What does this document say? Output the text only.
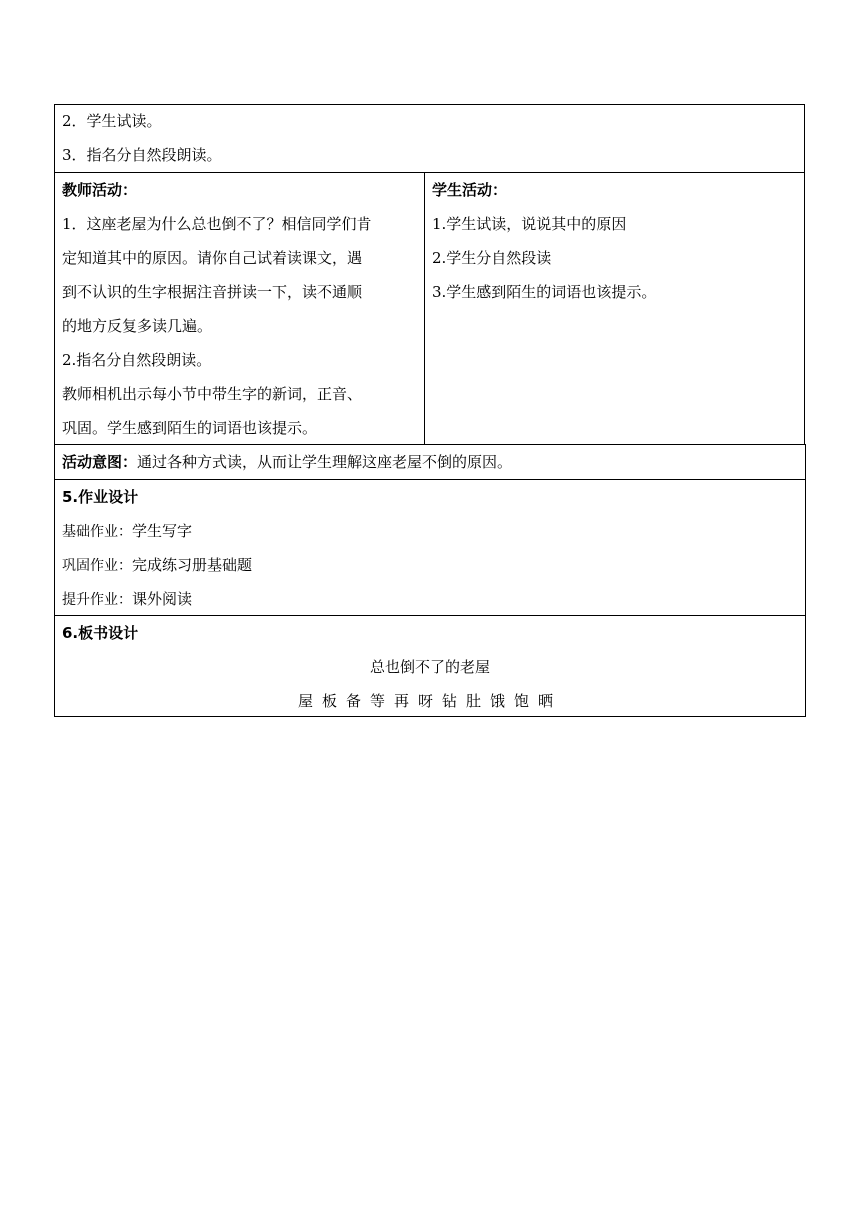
2．学生试读。
3．指名分自然段朗读。
教师活动：
1．这座老屋为什么总也倒不了？相信同学们肯
定知道其中的原因。请你自己试着读课文，遇
到不认识的生字根据注音拼读一下，读不通顺
的地方反复多读几遍。
2.指名分自然段朗读。
教师相机出示每小节中带生字的新词，正音、
巩固。学生感到陌生的词语也该提示。
学生活动：
1.学生试读，说说其中的原因
2.学生分自然段读
3.学生感到陌生的词语也该提示。
活动意图：通过各种方式读，从而让学生理解这座老屋不倒的原因。
5.作业设计
基础作业：学生写字
巩固作业：完成练习册基础题
提升作业：课外阅读
6.板书设计
总也倒不了的老屋
屋板备等再呀钻肚饿饱晒
